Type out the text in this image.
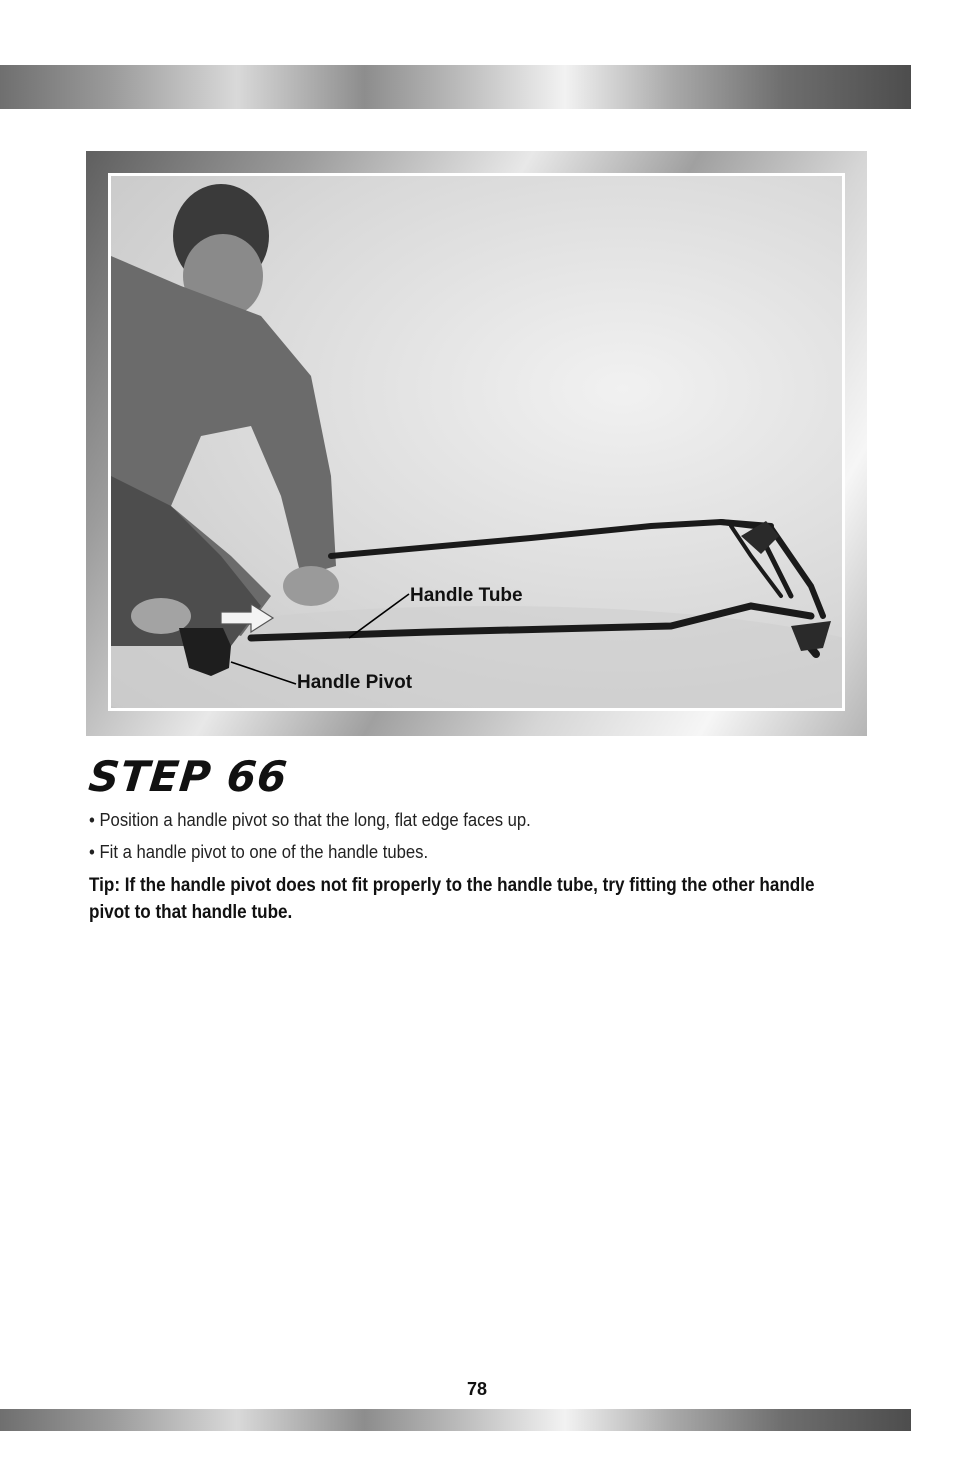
Handle Tube
Handle Pivot
STEP 66

• Position a handle pivot so that the long, flat edge faces up.

• Fit a handle pivot to one of the handle tubes.

Tip: If the handle pivot does not fit properly to the handle tube, try fitting the other handle pivot to that handle tube.

78
